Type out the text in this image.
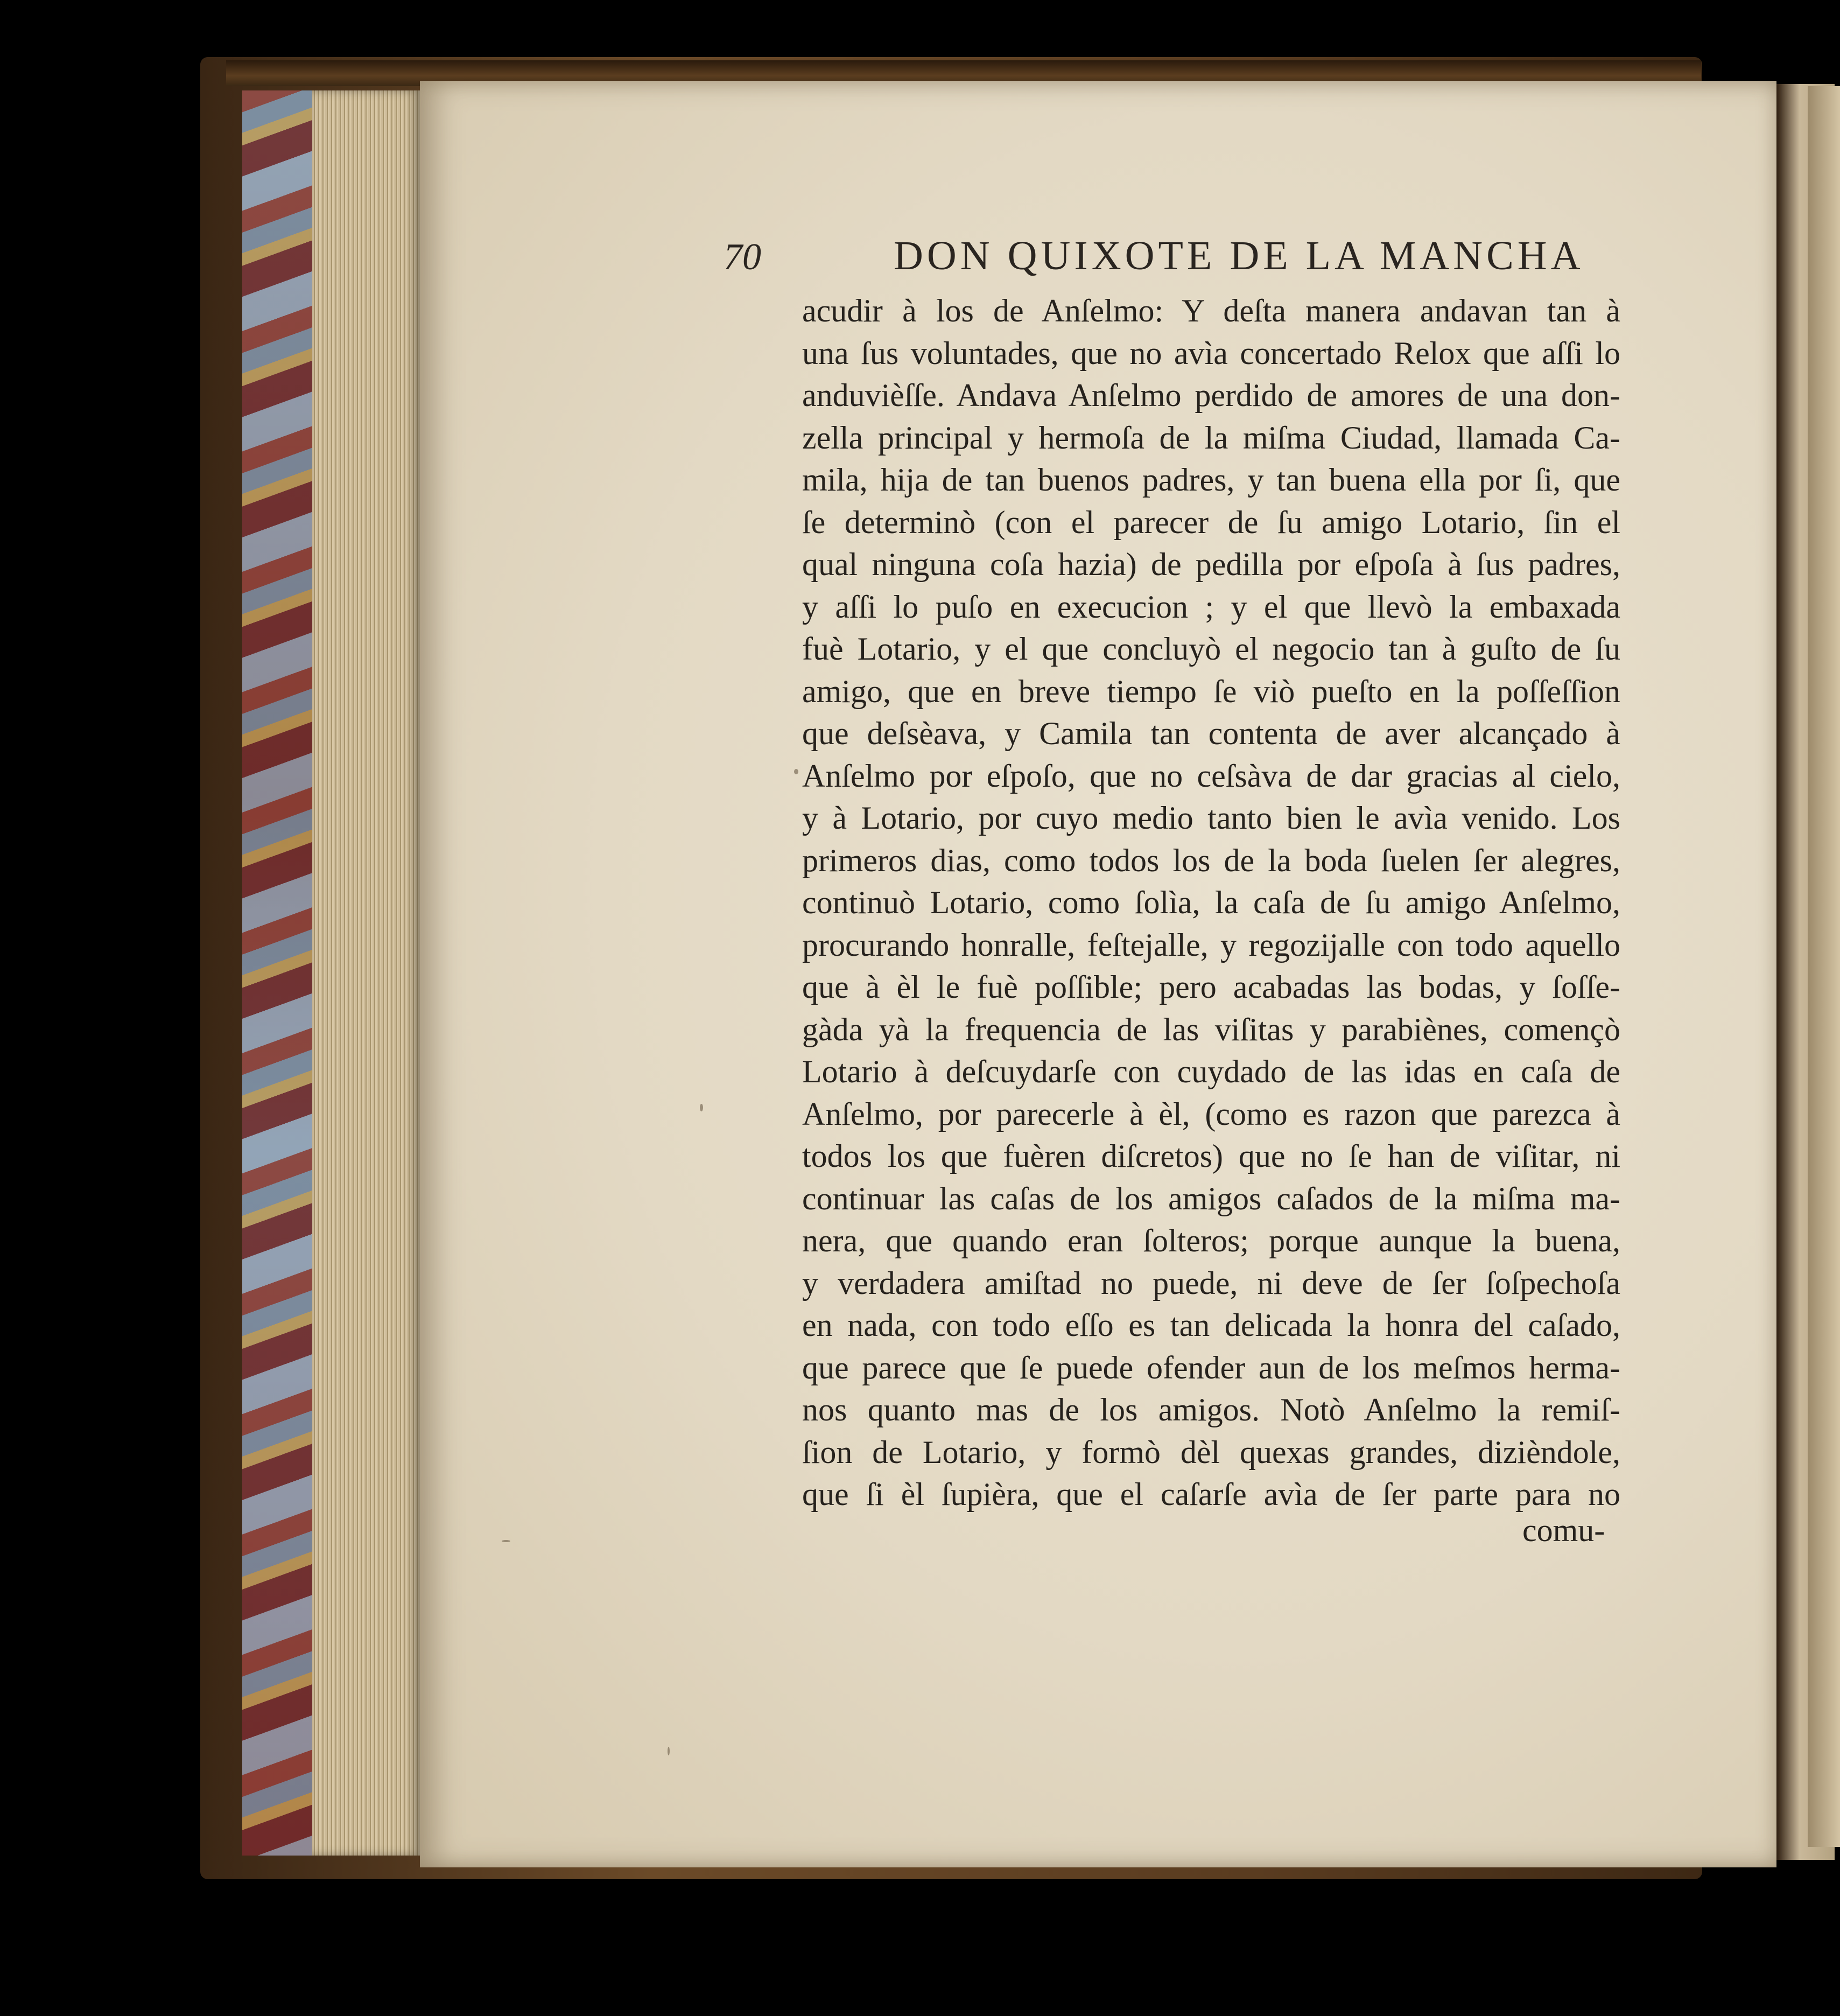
70	DON QUIXOTE DE LA MANCHA
acudir à los de Anſelmo: Y deſta manera andavan tan à
una ſus voluntades, que no avìa concertado Relox que aſſi lo
anduvièſſe. Andava Anſelmo perdido de amores de una don-
zella principal y hermoſa de la miſma Ciudad, llamada Ca-
mila, hija de tan buenos padres, y tan buena ella por ſi, que
ſe determinò (con el parecer de ſu amigo Lotario, ſin el
qual ninguna coſa hazia) de pedilla por eſpoſa à ſus padres,
y aſſi lo puſo en execucion ; y el que llevò la embaxada
fuè Lotario, y el que concluyò el negocio tan à guſto de ſu
amigo, que en breve tiempo ſe viò pueſto en la poſſeſſion
que deſsèava, y Camila tan contenta de aver alcançado à
Anſelmo por eſpoſo, que no ceſsàva de dar gracias al cielo,
y à Lotario, por cuyo medio tanto bien le avìa venido. Los
primeros dias, como todos los de la boda ſuelen ſer alegres,
continuò Lotario, como ſolìa, la caſa de ſu amigo Anſelmo,
procurando honralle, feſtejalle, y regozijalle con todo aquello
que à èl le fuè poſſible; pero acabadas las bodas, y ſoſſe-
gàda yà la frequencia de las viſitas y parabiènes, començò
Lotario à deſcuydarſe con cuydado de las idas en caſa de
Anſelmo, por parecerle à èl, (como es razon que parezca à
todos los que fuèren diſcretos) que no ſe han de viſitar, ni
continuar las caſas de los amigos caſados de la miſma ma-
nera, que quando eran ſolteros; porque aunque la buena,
y verdadera amiſtad no puede, ni deve de ſer ſoſpechoſa
en nada, con todo eſſo es tan delicada la honra del caſado,
que parece que ſe puede ofender aun de los meſmos herma-
nos quanto mas de los amigos. Notò Anſelmo la remiſ-
ſion de Lotario, y formò dèl quexas grandes, dizièndole,
que ſi èl ſupièra, que el caſarſe avìa de ſer parte para no
comu-
